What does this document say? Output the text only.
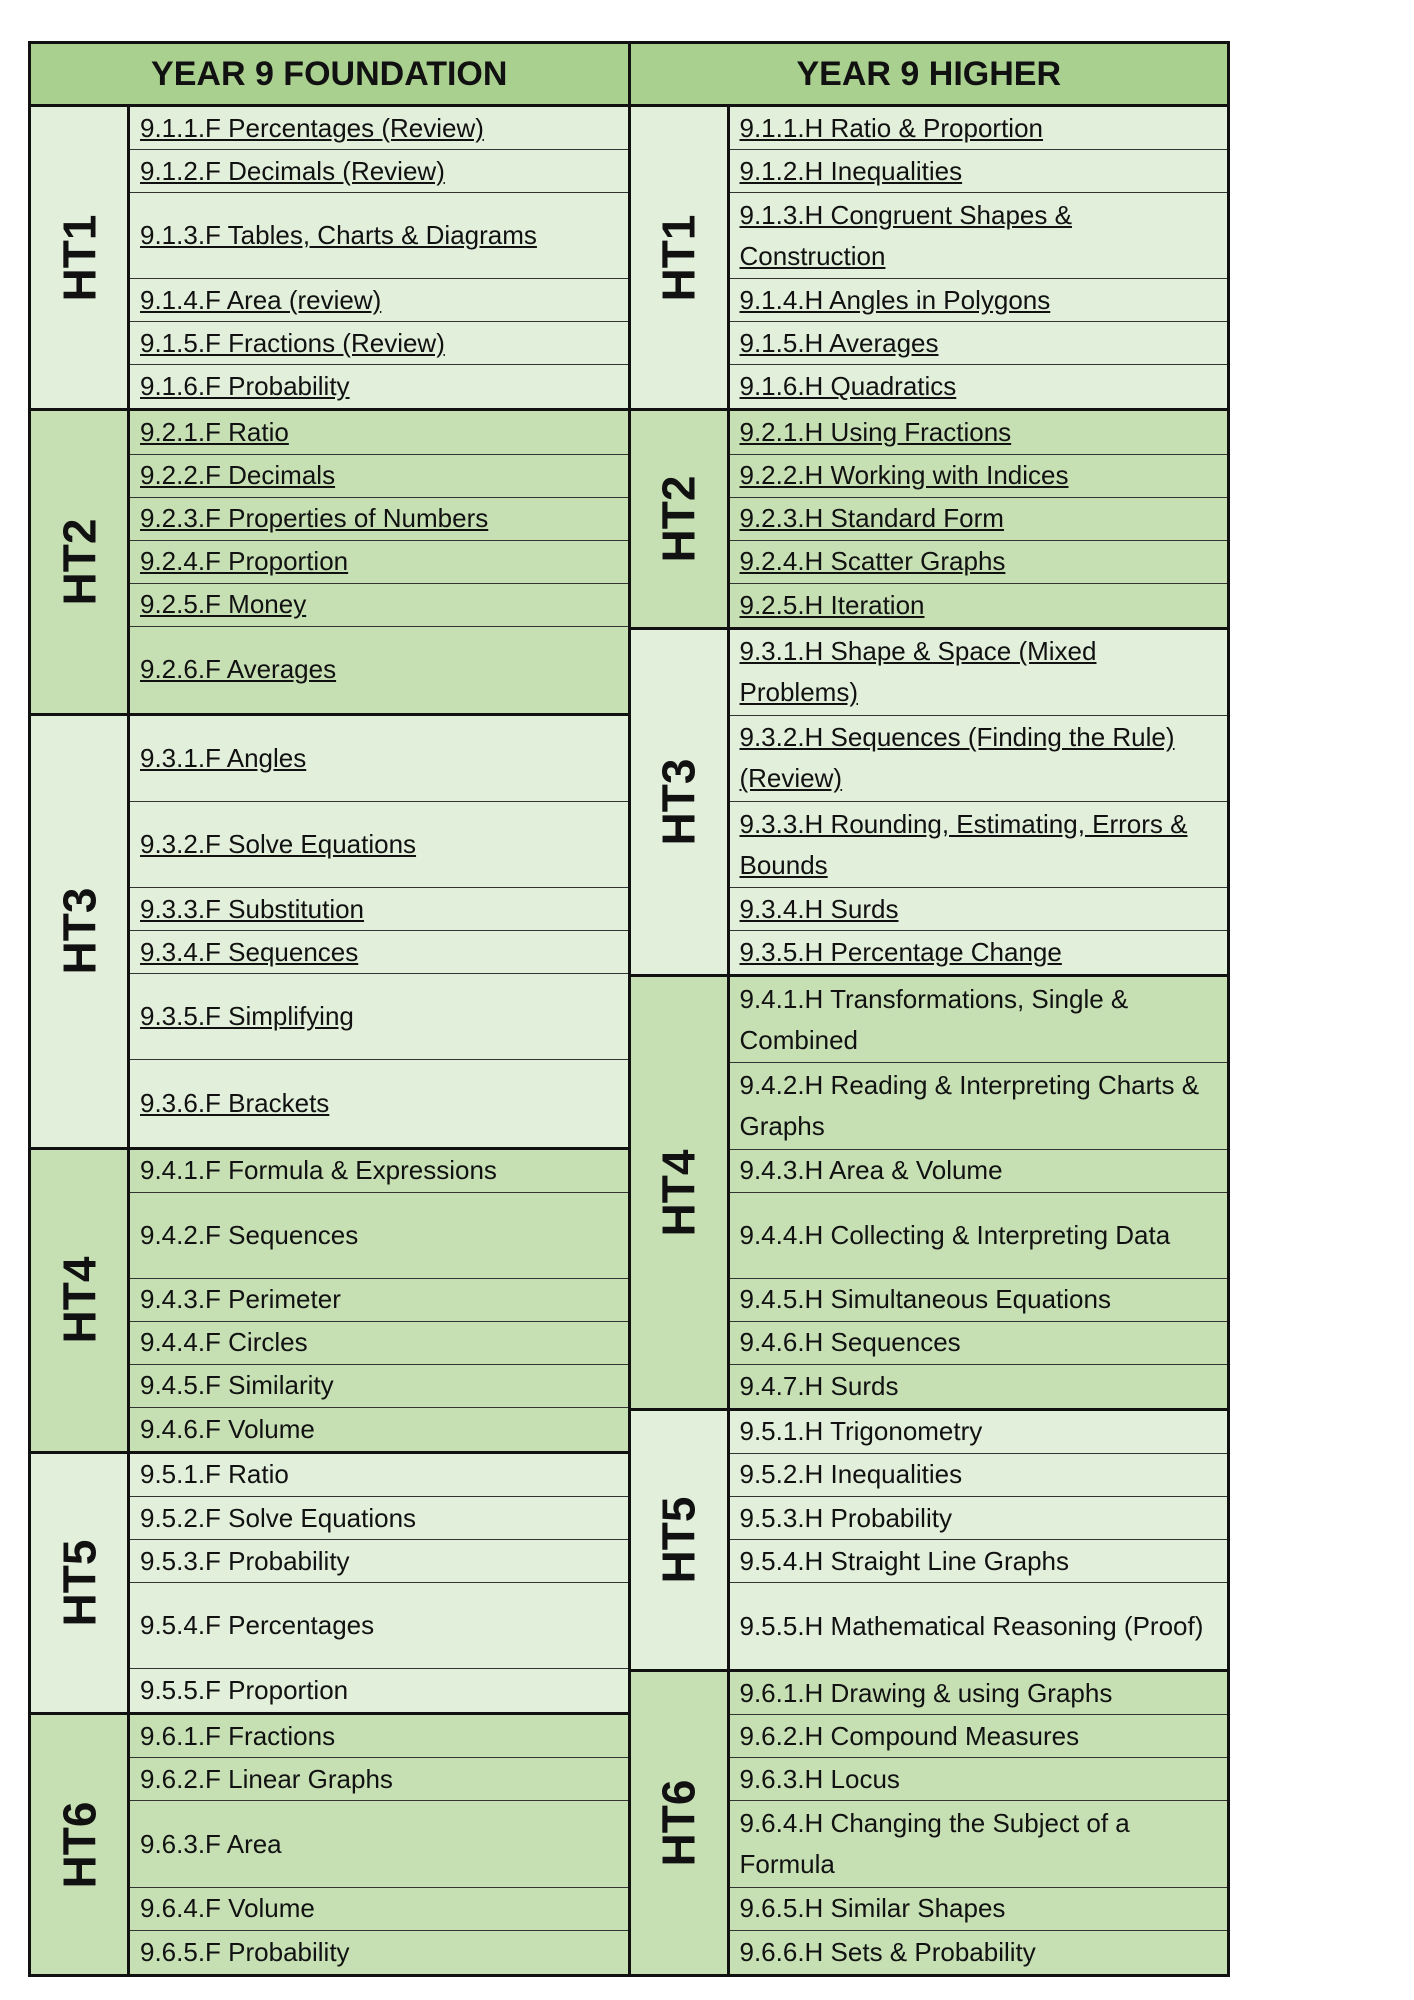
YEAR 9 FOUNDATION
HT1
9.1.1.F Percentages (Review)
9.1.2.F Decimals (Review)
9.1.3.F Tables, Charts & Diagrams
9.1.4.F Area (review)
9.1.5.F Fractions (Review)
9.1.6.F Probability
HT2
9.2.1.F Ratio
9.2.2.F Decimals
9.2.3.F Properties of Numbers
9.2.4.F Proportion
9.2.5.F Money
9.2.6.F Averages
HT3
9.3.1.F Angles
9.3.2.F Solve Equations
9.3.3.F Substitution
9.3.4.F Sequences
9.3.5.F Simplifying
9.3.6.F Brackets
HT4
9.4.1.F Formula & Expressions
9.4.2.F Sequences
9.4.3.F Perimeter
9.4.4.F Circles
9.4.5.F Similarity
9.4.6.F Volume
HT5
9.5.1.F Ratio
9.5.2.F Solve Equations
9.5.3.F Probability
9.5.4.F Percentages
9.5.5.F Proportion
HT6
9.6.1.F Fractions
9.6.2.F Linear Graphs
9.6.3.F Area
9.6.4.F Volume
9.6.5.F Probability
YEAR 9 HIGHER
HT1
9.1.1.H Ratio & Proportion
9.1.2.H Inequalities
9.1.3.H Congruent Shapes & Construction
9.1.4.H Angles in Polygons
9.1.5.H Averages
9.1.6.H Quadratics
HT2
9.2.1.H Using Fractions
9.2.2.H Working with Indices
9.2.3.H Standard Form
9.2.4.H Scatter Graphs
9.2.5.H Iteration
HT3
9.3.1.H Shape & Space (Mixed Problems)
9.3.2.H Sequences (Finding the Rule) (Review)
9.3.3.H Rounding, Estimating, Errors & Bounds
9.3.4.H Surds
9.3.5.H Percentage Change
HT4
9.4.1.H Transformations, Single & Combined
9.4.2.H Reading & Interpreting Charts & Graphs
9.4.3.H Area & Volume
9.4.4.H Collecting & Interpreting Data
9.4.5.H Simultaneous Equations
9.4.6.H Sequences
9.4.7.H Surds
HT5
9.5.1.H Trigonometry
9.5.2.H Inequalities
9.5.3.H Probability
9.5.4.H Straight Line Graphs
9.5.5.H Mathematical Reasoning (Proof)
HT6
9.6.1.H Drawing & using Graphs
9.6.2.H Compound Measures
9.6.3.H Locus
9.6.4.H Changing the Subject of a Formula
9.6.5.H Similar Shapes
9.6.6.H Sets & Probability
